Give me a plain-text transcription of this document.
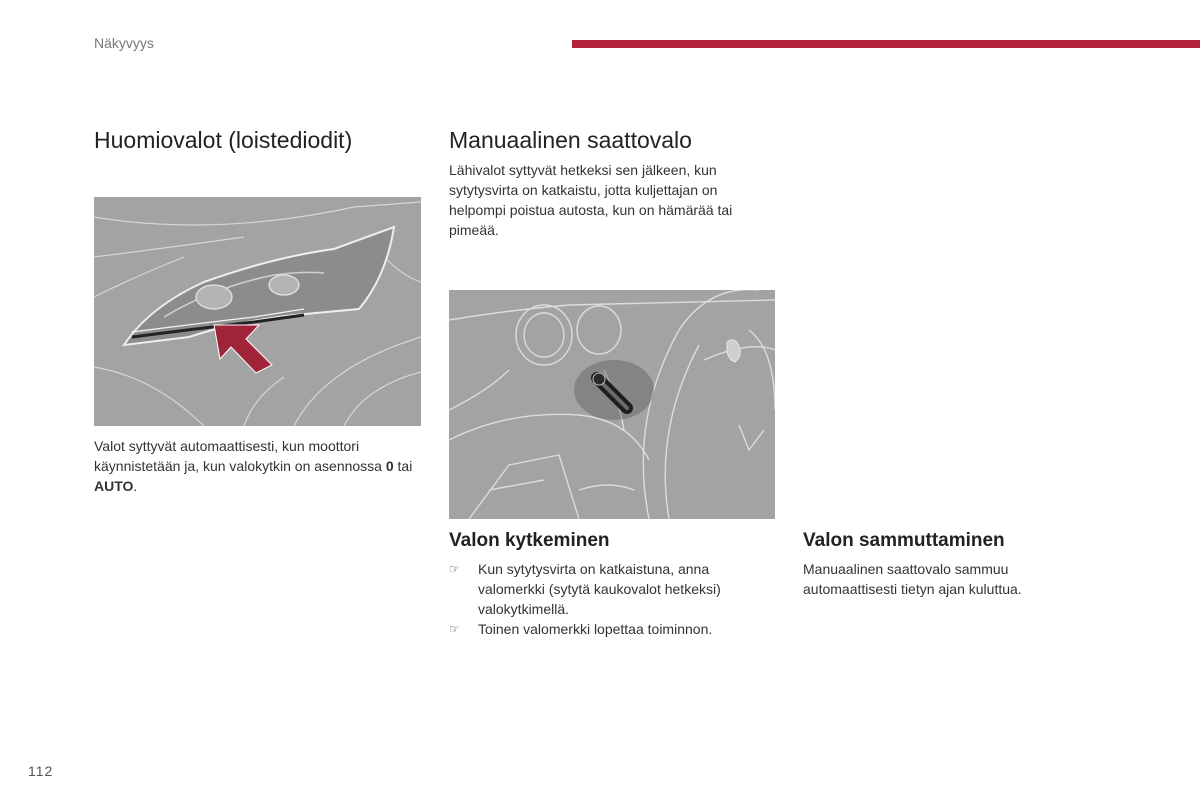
Näkyvyys
Huomiovalot (loistediodit)

Valot syttyvät automaattisesti, kun moottori käynnistetään ja, kun valokytkin on asennossa 0 tai AUTO.

Manuaalinen saattovalo

Lähivalot syttyvät hetkeksi sen jälkeen, kun sytytysvirta on katkaistu, jotta kuljettajan on helpompi poistua autosta, kun on hämärää tai pimeää.

Valon kytkeminen
☞ Kun sytytysvirta on katkaistuna, anna valomerkki (sytytä kaukovalot hetkeksi) valokytkimellä.
☞ Toinen valomerkki lopettaa toiminnon.
Valon sammuttaminen

Manuaalinen saattovalo sammuu automaattisesti tietyn ajan kuluttua.

112
